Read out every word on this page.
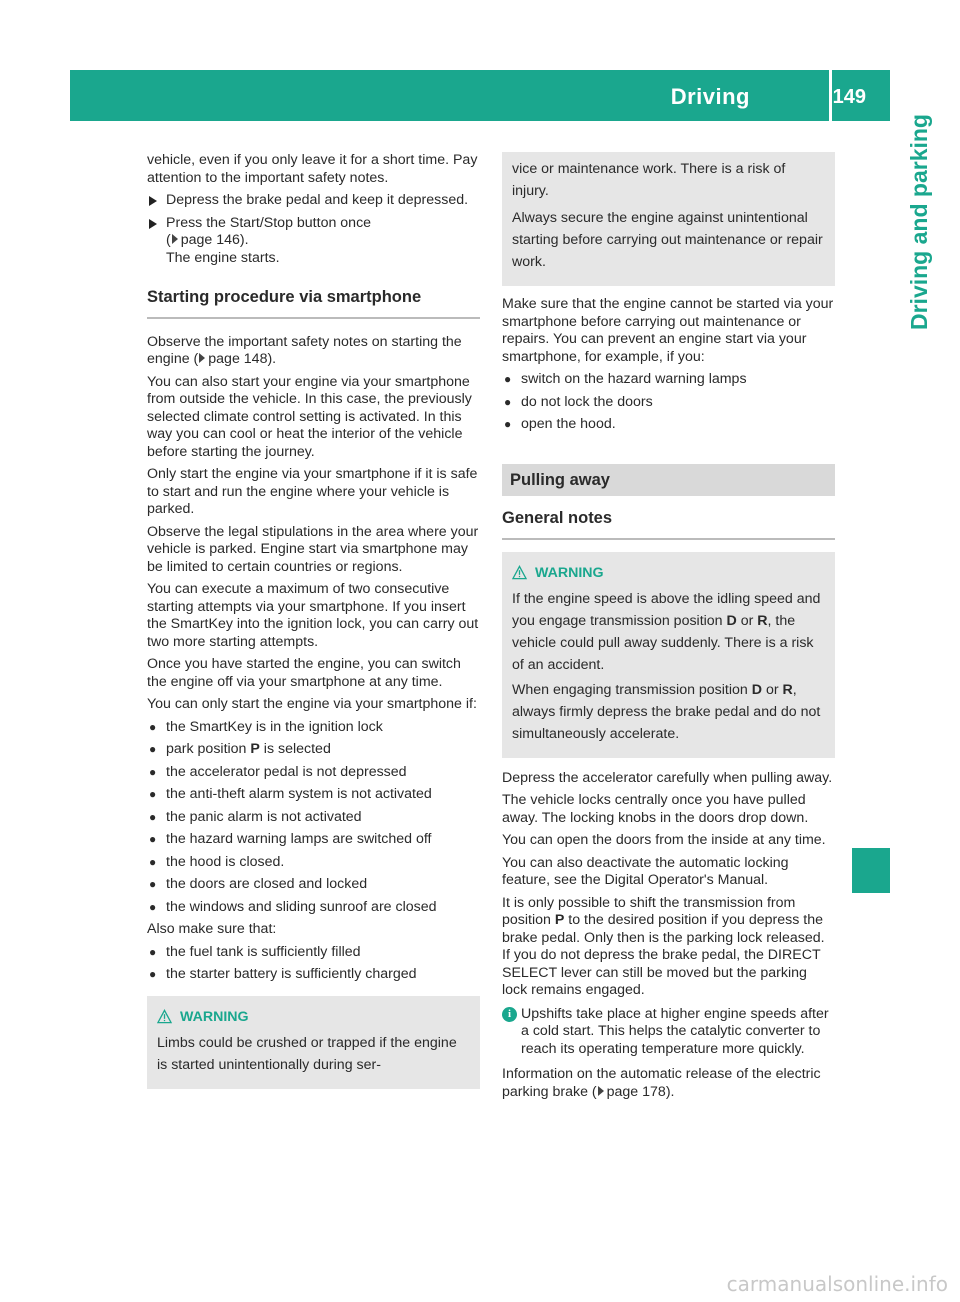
Driving	149
Driving and parking

vehicle, even if you only leave it for a short time. Pay attention to the important safety notes.

Depress the brake pedal and keep it depressed.
Press the Start/Stop button once
( page 146).
The engine starts.
Starting procedure via smartphone

Observe the important safety notes on starting the engine ( page 148).

You can also start your engine via your smartphone from outside the vehicle. In this case, the previously selected climate control setting is activated. In this way you can cool or heat the interior of the vehicle before starting the journey.

Only start the engine via your smartphone if it is safe to start and run the engine where your vehicle is parked.

Observe the legal stipulations in the area where your vehicle is parked. Engine start via smartphone may be limited to certain countries or regions.

You can execute a maximum of two consecutive starting attempts via your smartphone. If you insert the SmartKey into the ignition lock, you can carry out two more starting attempts.

Once you have started the engine, you can switch the engine off via your smartphone at any time.

You can only start the engine via your smartphone if:

● the SmartKey is in the ignition lock
● park position P is selected
● the accelerator pedal is not depressed
● the anti-theft alarm system is not activated
● the panic alarm is not activated
● the hazard warning lamps are switched off
● the hood is closed.
● the doors are closed and locked
● the windows and sliding sunroof are closed

Also make sure that:

● the fuel tank is sufficiently filled
● the starter battery is sufficiently charged

WARNING

Limbs could be crushed or trapped if the engine is started unintentionally during ser-

vice or maintenance work. There is a risk of injury.

Always secure the engine against unintentional starting before carrying out maintenance or repair work.

Make sure that the engine cannot be started via your smartphone before carrying out maintenance or repairs. You can prevent an engine start via your smartphone, for example, if you:

● switch on the hazard warning lamps
● do not lock the doors
● open the hood.
Pulling away
General notes

WARNING

If the engine speed is above the idling speed and you engage transmission position D or R, the vehicle could pull away suddenly. There is a risk of an accident.

When engaging transmission position D or R, always firmly depress the brake pedal and do not simultaneously accelerate.

Depress the accelerator carefully when pulling away.

The vehicle locks centrally once you have pulled away. The locking knobs in the doors drop down.

You can open the doors from the inside at any time.

You can also deactivate the automatic locking feature, see the Digital Operator's Manual.

It is only possible to shift the transmission from position P to the desired position if you depress the brake pedal. Only then is the parking lock released. If you do not depress the brake pedal, the DIRECT SELECT lever can still be moved but the parking lock remains engaged.

i Upshifts take place at higher engine speeds after a cold start. This helps the catalytic converter to reach its operating temperature more quickly.

Information on the automatic release of the electric parking brake ( page 178).

carmanualsonline.info
